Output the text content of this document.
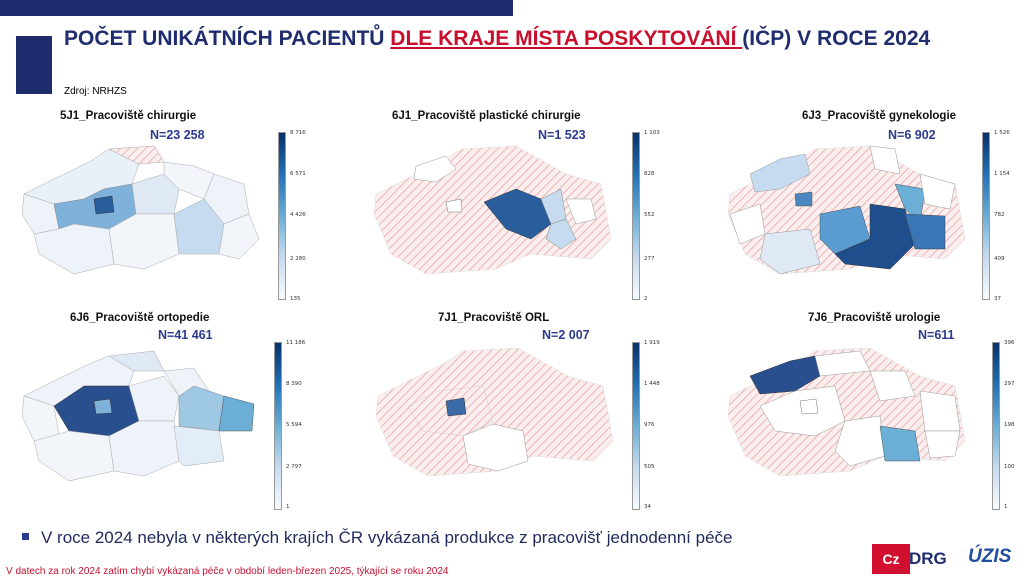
POČET UNIKÁTNÍCH PACIENTŮ DLE KRAJE MÍSTA POSKYTOVÁNÍ (IČP) V ROCE 2024
Zdroj: NRHZS
5J1_Pracoviště chirurgie
N=23 258	8 716
6 571
4 426
2 280
135
6J1_Pracoviště plastické chirurgie
N=1 523	1 103
828
552
277
2
6J3_Pracoviště gynekologie
N=6 902	1 526
1 154
782
409
37
6J6_Pracoviště ortopedie
N=41 461
11 186
8 390
5 594
2 797
1
7J1_Pracoviště ORL
N=2 007
1 919
1 448
976
505
34
7J6_Pracoviště urologie
N=611
396
297
198
100
1
V roce 2024 nebyla v některých krajích ČR vykázaná produkce z pracovišť jednodenní péče
V datech za rok 2024 zatím chybí vykázaná péče v období leden-březen 2025, týkající se roku 2024
Cz DRG ÚZIS
